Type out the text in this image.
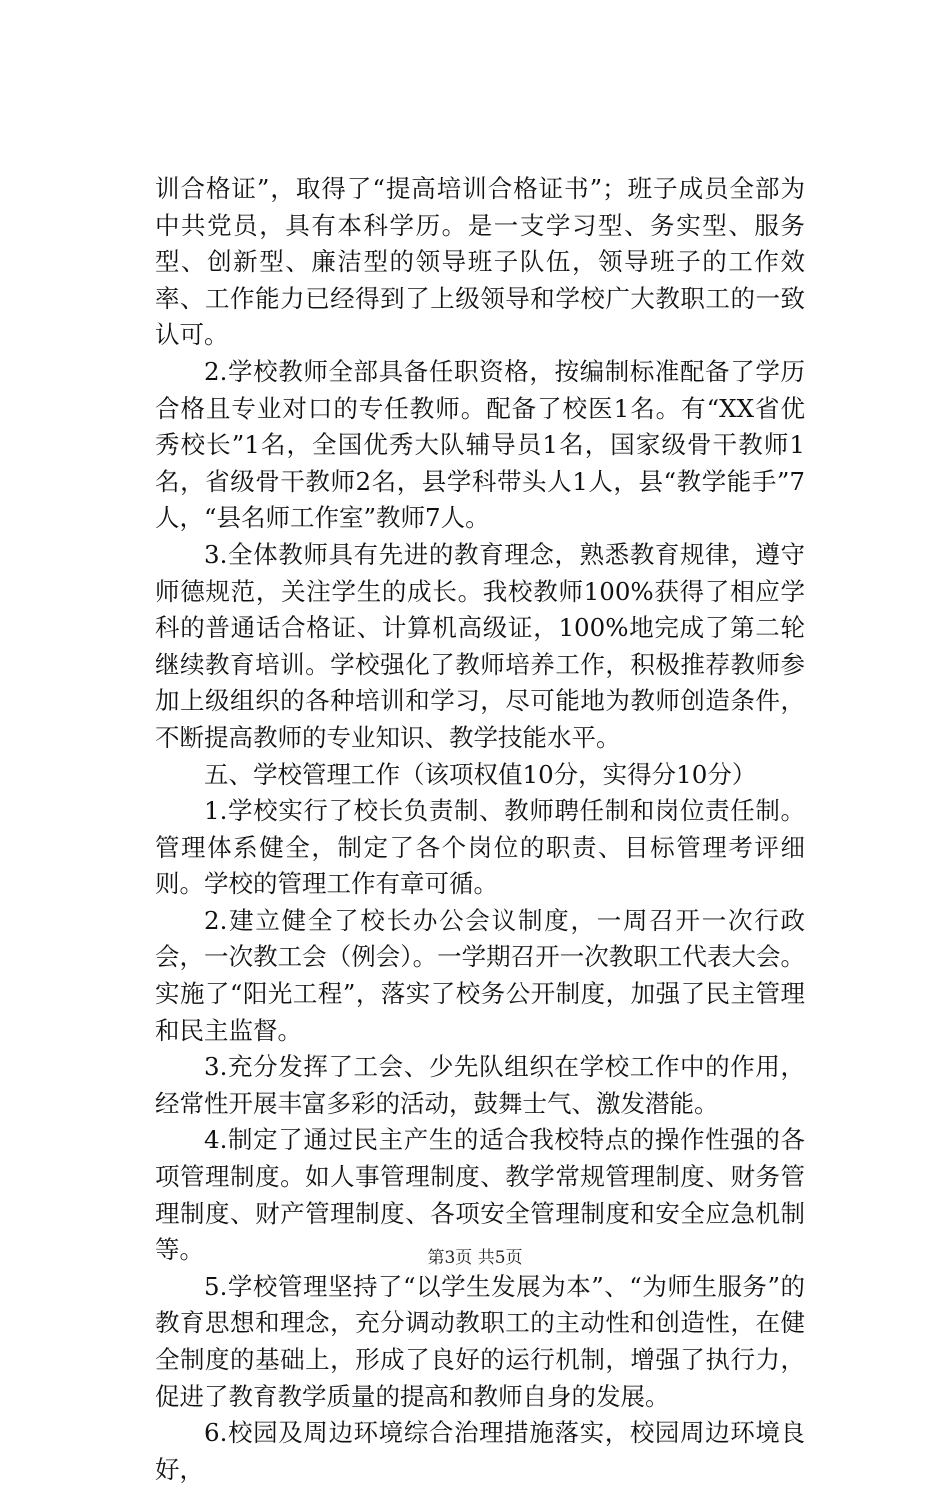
训合格证”，取得了“提高培训合格证书”；班子成员全部为中共党员，具有本科学历。是一支学习型、务实型、服务型、创新型、廉洁型的领导班子队伍，领导班子的工作效率、工作能力已经得到了上级领导和学校广大教职工的一致认可。

2.学校教师全部具备任职资格，按编制标准配备了学历合格且专业对口的专任教师。配备了校医1名。有“XX省优秀校长”1名，全国优秀大队辅导员1名，国家级骨干教师1名，省级骨干教师2名，县学科带头人1人，县“教学能手”7人，“县名师工作室”教师7人。

3.全体教师具有先进的教育理念，熟悉教育规律，遵守师德规范，关注学生的成长。我校教师100%获得了相应学科的普通话合格证、计算机高级证，100%地完成了第二轮继续教育培训。学校强化了教师培养工作，积极推荐教师参加上级组织的各种培训和学习，尽可能地为教师创造条件，不断提高教师的专业知识、教学技能水平。

五、学校管理工作（该项权值10分，实得分10分）

1.学校实行了校长负责制、教师聘任制和岗位责任制。管理体系健全，制定了各个岗位的职责、目标管理考评细则。学校的管理工作有章可循。

2.建立健全了校长办公会议制度，一周召开一次行政会，一次教工会（例会）。一学期召开一次教职工代表大会。实施了“阳光工程”，落实了校务公开制度，加强了民主管理和民主监督。

3.充分发挥了工会、少先队组织在学校工作中的作用，经常性开展丰富多彩的活动，鼓舞士气、激发潜能。

4.制定了通过民主产生的适合我校特点的操作性强的各项管理制度。如人事管理制度、教学常规管理制度、财务管理制度、财产管理制度、各项安全管理制度和安全应急机制等。

5.学校管理坚持了“以学生发展为本”、“为师生服务”的教育思想和理念，充分调动教职工的主动性和创造性，在健全制度的基础上，形成了良好的运行机制，增强了执行力，促进了教育教学质量的提高和教师自身的发展。

6.校园及周边环境综合治理措施落实，校园周边环境良好，

第3页 共5页
